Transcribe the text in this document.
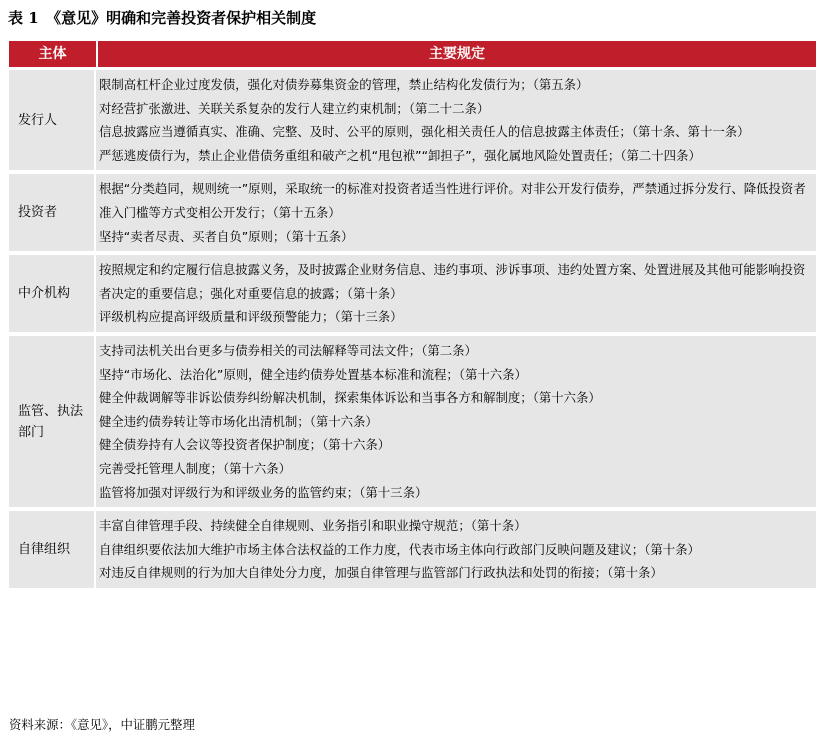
表 1　《意见》明确和完善投资者保护相关制度
主体	主要规定
发行人
限制高杠杆企业过度发债，强化对债券募集资金的管理，禁止结构化发债行为；（第五条）
对经营扩张激进、关联关系复杂的发行人建立约束机制；（第二十二条）
信息披露应当遵循真实、准确、完整、及时、公平的原则，强化相关责任人的信息披露主体责任；（第十条、第十一条）
严惩逃废债行为，禁止企业借债务重组和破产之机“甩包袱”“卸担子”，强化属地风险处置责任；（第二十四条）
投资者
根据“分类趋同，规则统一”原则，采取统一的标准对投资者适当性进行评价。对非公开发行债券，严禁通过拆分发行、降低投资者准入门槛等方式变相公开发行；（第十五条）
坚持“卖者尽责、买者自负”原则；（第十五条）
中介机构
按照规定和约定履行信息披露义务，及时披露企业财务信息、违约事项、涉诉事项、违约处置方案、处置进展及其他可能影响投资者决定的重要信息；强化对重要信息的披露；（第十条）
评级机构应提高评级质量和评级预警能力；（第十三条）
监管、执法部门
支持司法机关出台更多与债券相关的司法解释等司法文件；（第二条）
坚持“市场化、法治化”原则，健全违约债券处置基本标准和流程；（第十六条）
健全仲裁调解等非诉讼债券纠纷解决机制，探索集体诉讼和当事各方和解制度；（第十六条）
健全违约债券转让等市场化出清机制；（第十六条）
健全债券持有人会议等投资者保护制度；（第十六条）
完善受托管理人制度；（第十六条）
监管将加强对评级行为和评级业务的监管约束；（第十三条）
自律组织
丰富自律管理手段、持续健全自律规则、业务指引和职业操守规范；（第十条）
自律组织要依法加大维护市场主体合法权益的工作力度，代表市场主体向行政部门反映问题及建议；（第十条）
对违反自律规则的行为加大自律处分力度，加强自律管理与监管部门行政执法和处罚的衔接；（第十条）
资料来源：《意见》，中证鹏元整理
